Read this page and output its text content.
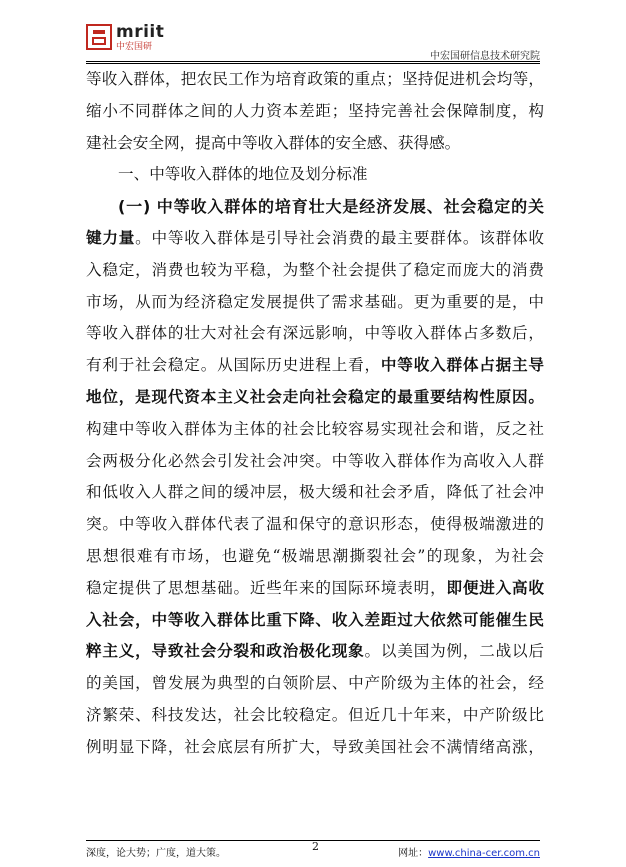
mriit
中宏国研
中宏国研信息技术研究院
等收入群体，把农民工作为培育政策的重点；坚持促进机会均等，
缩小不同群体之间的人力资本差距；坚持完善社会保障制度，构
建社会安全网，提高中等收入群体的安全感、获得感。
一、中等收入群体的地位及划分标准
(一) 中等收入群体的培育壮大是经济发展、社会稳定的关
键力量。中等收入群体是引导社会消费的最主要群体。该群体收
入稳定，消费也较为平稳，为整个社会提供了稳定而庞大的消费
市场，从而为经济稳定发展提供了需求基础。更为重要的是，中
等收入群体的壮大对社会有深远影响，中等收入群体占多数后，
有利于社会稳定。从国际历史进程上看，中等收入群体占据主导
地位，是现代资本主义社会走向社会稳定的最重要结构性原因。
构建中等收入群体为主体的社会比较容易实现社会和谐，反之社
会两极分化必然会引发社会冲突。中等收入群体作为高收入人群
和低收入人群之间的缓冲层，极大缓和社会矛盾，降低了社会冲
突。中等收入群体代表了温和保守的意识形态，使得极端激进的
思想很难有市场，也避免“极端思潮撕裂社会”的现象，为社会
稳定提供了思想基础。近些年来的国际环境表明，即便进入高收
入社会，中等收入群体比重下降、收入差距过大依然可能催生民
粹主义，导致社会分裂和政治极化现象。以美国为例，二战以后
的美国，曾发展为典型的白领阶层、中产阶级为主体的社会，经
济繁荣、科技发达，社会比较稳定。但近几十年来，中产阶级比
例明显下降，社会底层有所扩大，导致美国社会不满情绪高涨，
深度，论大势；广度，道大策。
2
网址：www.china-cer.com.cn
